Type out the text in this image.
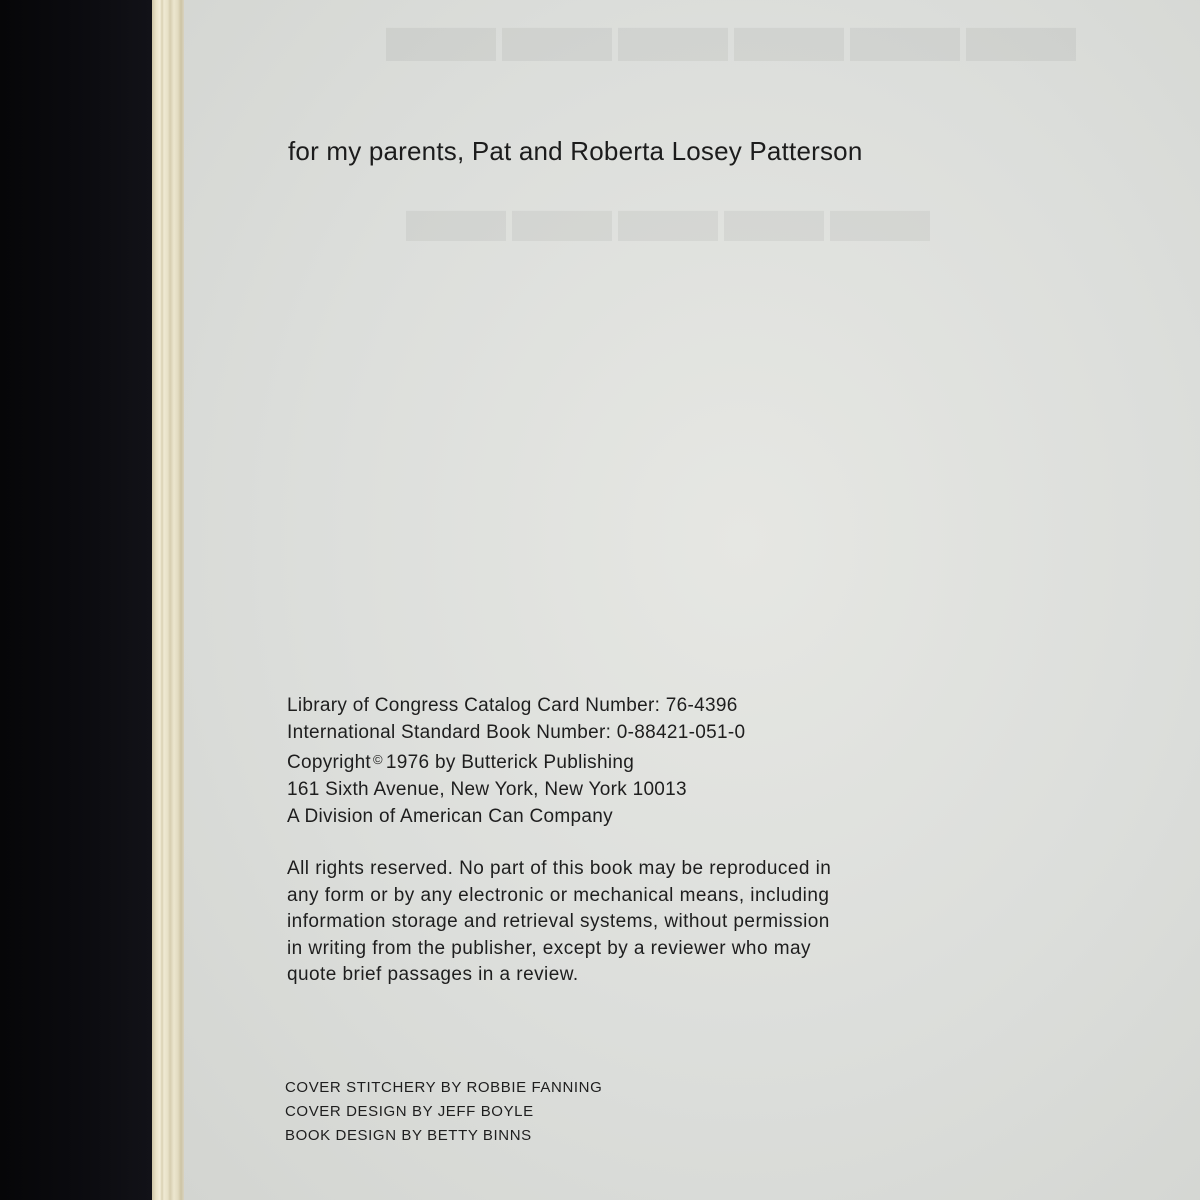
for my parents, Pat and Roberta Losey Patterson

Library of Congress Catalog Card Number: 76-4396
International Standard Book Number: 0-88421-051-0
Copyright © 1976 by Butterick Publishing
161 Sixth Avenue, New York, New York 10013
A Division of American Can Company
All rights reserved. No part of this book may be reproduced in
any form or by any electronic or mechanical means, including
information storage and retrieval systems, without permission
in writing from the publisher, except by a reviewer who may
quote brief passages in a review.
COVER STITCHERY BY ROBBIE FANNING
COVER DESIGN BY JEFF BOYLE
BOOK DESIGN BY BETTY BINNS
